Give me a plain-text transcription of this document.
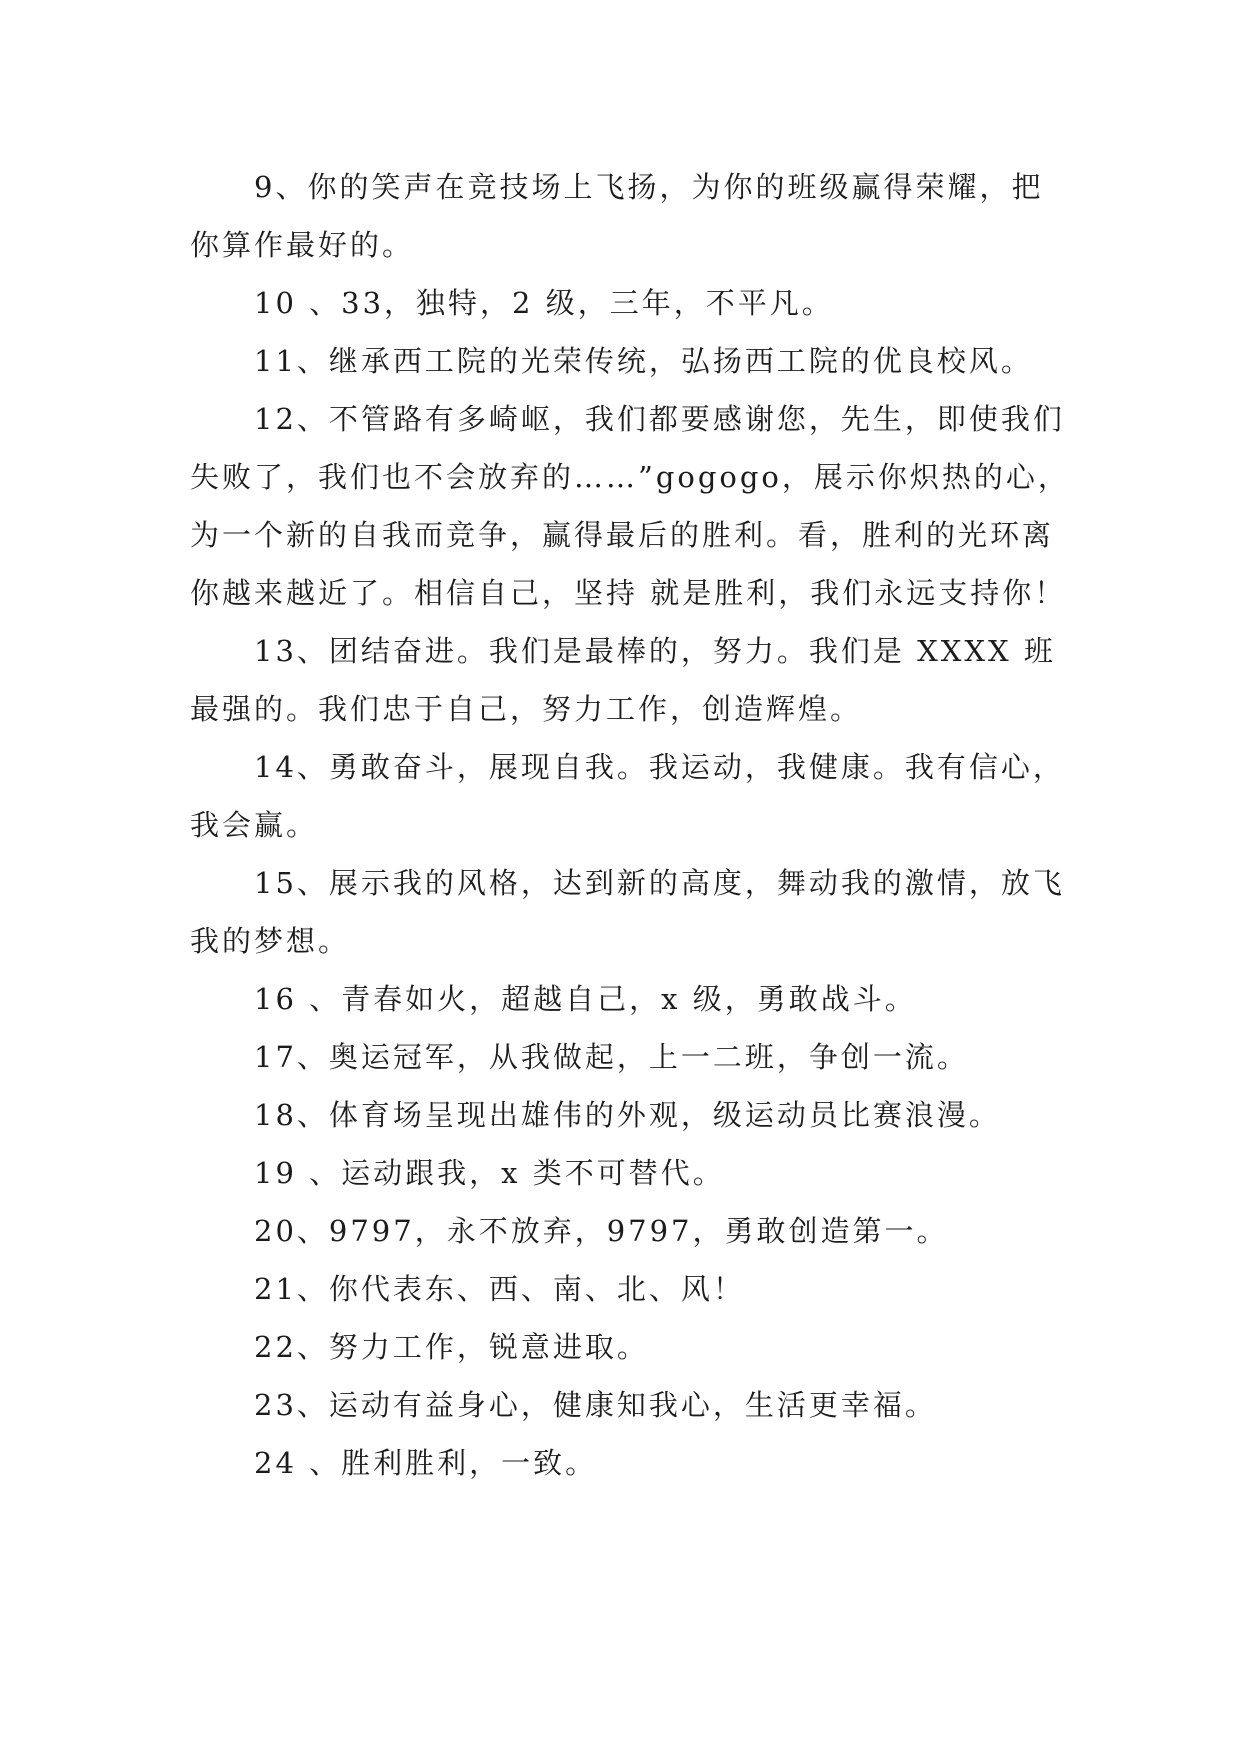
9、你的笑声在竞技场上飞扬，为你的班级赢得荣耀，把你算作最好的。

10 、33，独特，2 级，三年，不平凡。

11、继承西工院的光荣传统，弘扬西工院的优良校风。

12、不管路有多崎岖，我们都要感谢您，先生，即使我们失败了，我们也不会放弃的……”gogogo，展示你炽热的心，为一个新的自我而竞争，赢得最后的胜利。看，胜利的光环离你越来越近了。相信自己，坚持 就是胜利，我们永远支持你！

13、团结奋进。我们是最棒的，努力。我们是 XXXX 班最强的。我们忠于自己，努力工作，创造辉煌。

14、勇敢奋斗，展现自我。我运动，我健康。我有信心，我会赢。

15、展示我的风格，达到新的高度，舞动我的激情，放飞我的梦想。

16 、青春如火，超越自己，x 级，勇敢战斗。

17、奥运冠军，从我做起，上一二班，争创一流。

18、体育场呈现出雄伟的外观，级运动员比赛浪漫。

19 、运动跟我，x 类不可替代。

20、9797，永不放弃，9797，勇敢创造第一。

21、你代表东、西、南、北、风！

22、努力工作，锐意进取。

23、运动有益身心，健康知我心，生活更幸福。

24 、胜利胜利，一致。
